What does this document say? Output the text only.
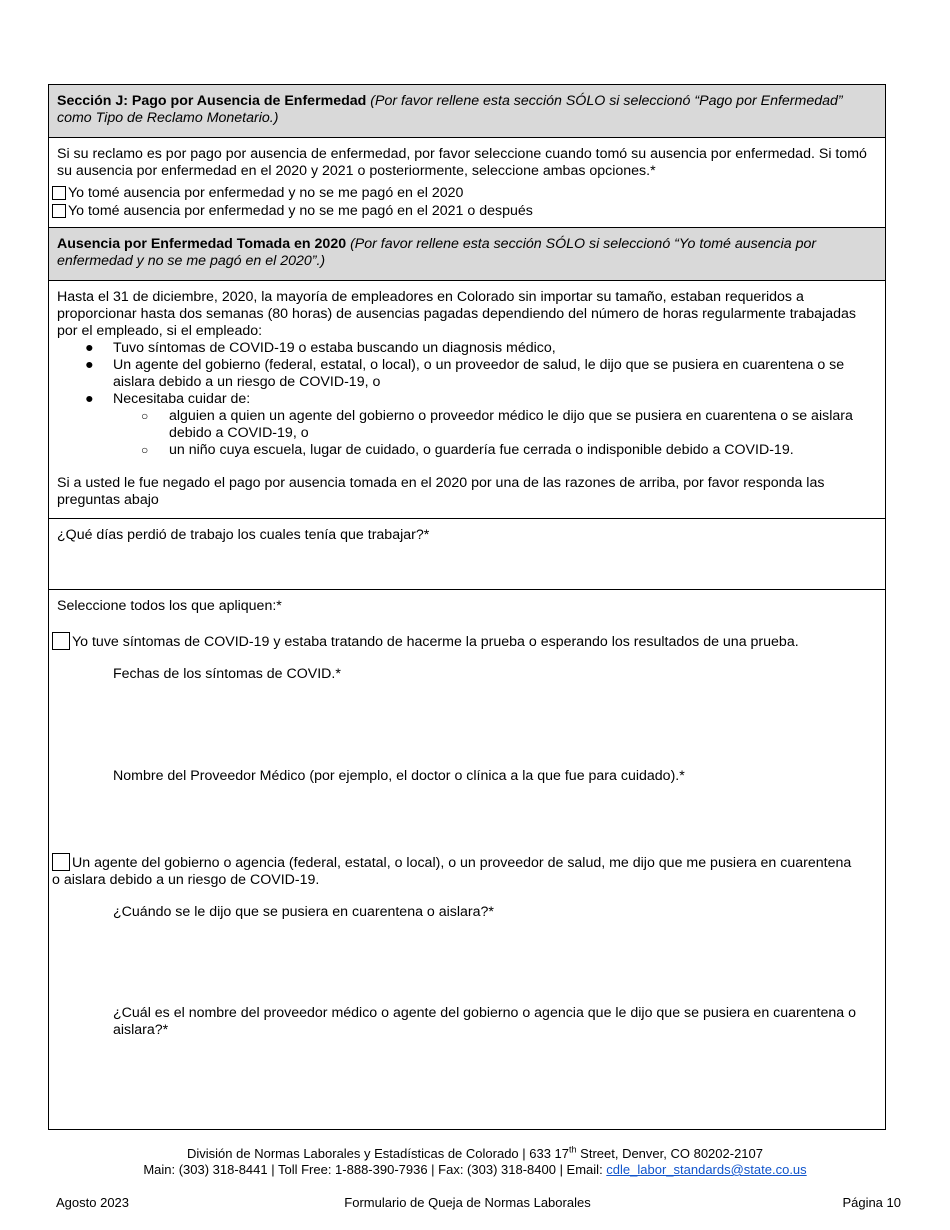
Sección J: Pago por Ausencia de Enfermedad (Por favor rellene esta sección SÓLO si seleccionó “Pago por Enfermedad” como Tipo de Reclamo Monetario.)
Si su reclamo es por pago por ausencia de enfermedad, por favor seleccione cuando tomó su ausencia por enfermedad. Si tomó su ausencia por enfermedad en el 2020 y 2021 o posteriormente, seleccione ambas opciones.*
Yo tomé ausencia por enfermedad y no se me pagó en el 2020
Yo tomé ausencia por enfermedad y no se me pagó en el 2021 o después
Ausencia por Enfermedad Tomada en 2020 (Por favor rellene esta sección SÓLO si seleccionó “Yo tomé ausencia por enfermedad y no se me pagó en el 2020”.)
Hasta el 31 de diciembre, 2020, la mayoría de empleadores en Colorado sin importar su tamaño, estaban requeridos a proporcionar hasta dos semanas (80 horas) de ausencias pagadas dependiendo del número de horas regularmente trabajadas por el empleado, si el empleado:
● Tuvo síntomas de COVID-19 o estaba buscando un diagnosis médico,
● Un agente del gobierno (federal, estatal, o local), o un proveedor de salud, le dijo que se pusiera en cuarentena o se aislara debido a un riesgo de COVID-19, o
● Necesitaba cuidar de:
○ alguien a quien un agente del gobierno o proveedor médico le dijo que se pusiera en cuarentena o se aislara debido a COVID-19, o
○ un niño cuya escuela, lugar de cuidado, o guardería fue cerrada o indisponible debido a COVID-19.
Si a usted le fue negado el pago por ausencia tomada en el 2020 por una de las razones de arriba, por favor responda las preguntas abajo
¿Qué días perdió de trabajo los cuales tenía que trabajar?*
Seleccione todos los que apliquen:*
Yo tuve síntomas de COVID-19 y estaba tratando de hacerme la prueba o esperando los resultados de una prueba.
Fechas de los síntomas de COVID.*
Nombre del Proveedor Médico (por ejemplo, el doctor o clínica a la que fue para cuidado).*
Un agente del gobierno o agencia (federal, estatal, o local), o un proveedor de salud, me dijo que me pusiera en cuarentena o aislara debido a un riesgo de COVID-19.
¿Cuándo se le dijo que se pusiera en cuarentena o aislara?*
¿Cuál es el nombre del proveedor médico o agente del gobierno o agencia que le dijo que se pusiera en cuarentena o aislara?*
División de Normas Laborales y Estadísticas de Colorado | 633 17th Street, Denver, CO 80202-2107
Main: (303) 318-8441 | Toll Free: 1-888-390-7936 | Fax: (303) 318-8400 | Email: cdle_labor_standards@state.co.us
Agosto 2023	Formulario de Queja de Normas Laborales	Página 10
